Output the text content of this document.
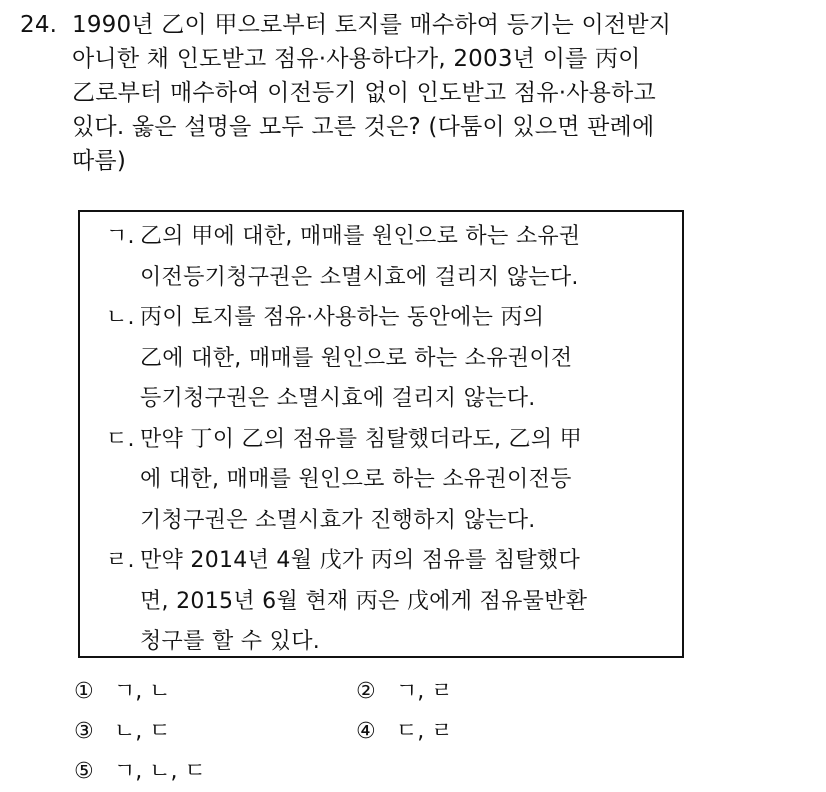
24. 1990년 乙이 甲으로부터 토지를 매수하여 등기는 이전받지
아니한 채 인도받고 점유·사용하다가, 2003년 이를 丙이
乙로부터 매수하여 이전등기 없이 인도받고 점유·사용하고
있다. 옳은 설명을 모두 고른 것은? (다툼이 있으면 판례에
따름)
ㄱ. 乙의 甲에 대한, 매매를 원인으로 하는 소유권
이전등기청구권은 소멸시효에 걸리지 않는다.
ㄴ. 丙이 토지를 점유·사용하는 동안에는 丙의
乙에 대한, 매매를 원인으로 하는 소유권이전
등기청구권은 소멸시효에 걸리지 않는다.
ㄷ. 만약 丁이 乙의 점유를 침탈했더라도, 乙의 甲
에 대한, 매매를 원인으로 하는 소유권이전등
기청구권은 소멸시효가 진행하지 않는다.
ㄹ. 만약 2014년 4월 戊가 丙의 점유를 침탈했다
면, 2015년 6월 현재 丙은 戊에게 점유물반환
청구를 할 수 있다.
① ㄱ, ㄴ	② ㄱ, ㄹ
③ ㄴ, ㄷ	④ ㄷ, ㄹ
⑤ ㄱ, ㄴ, ㄷ
